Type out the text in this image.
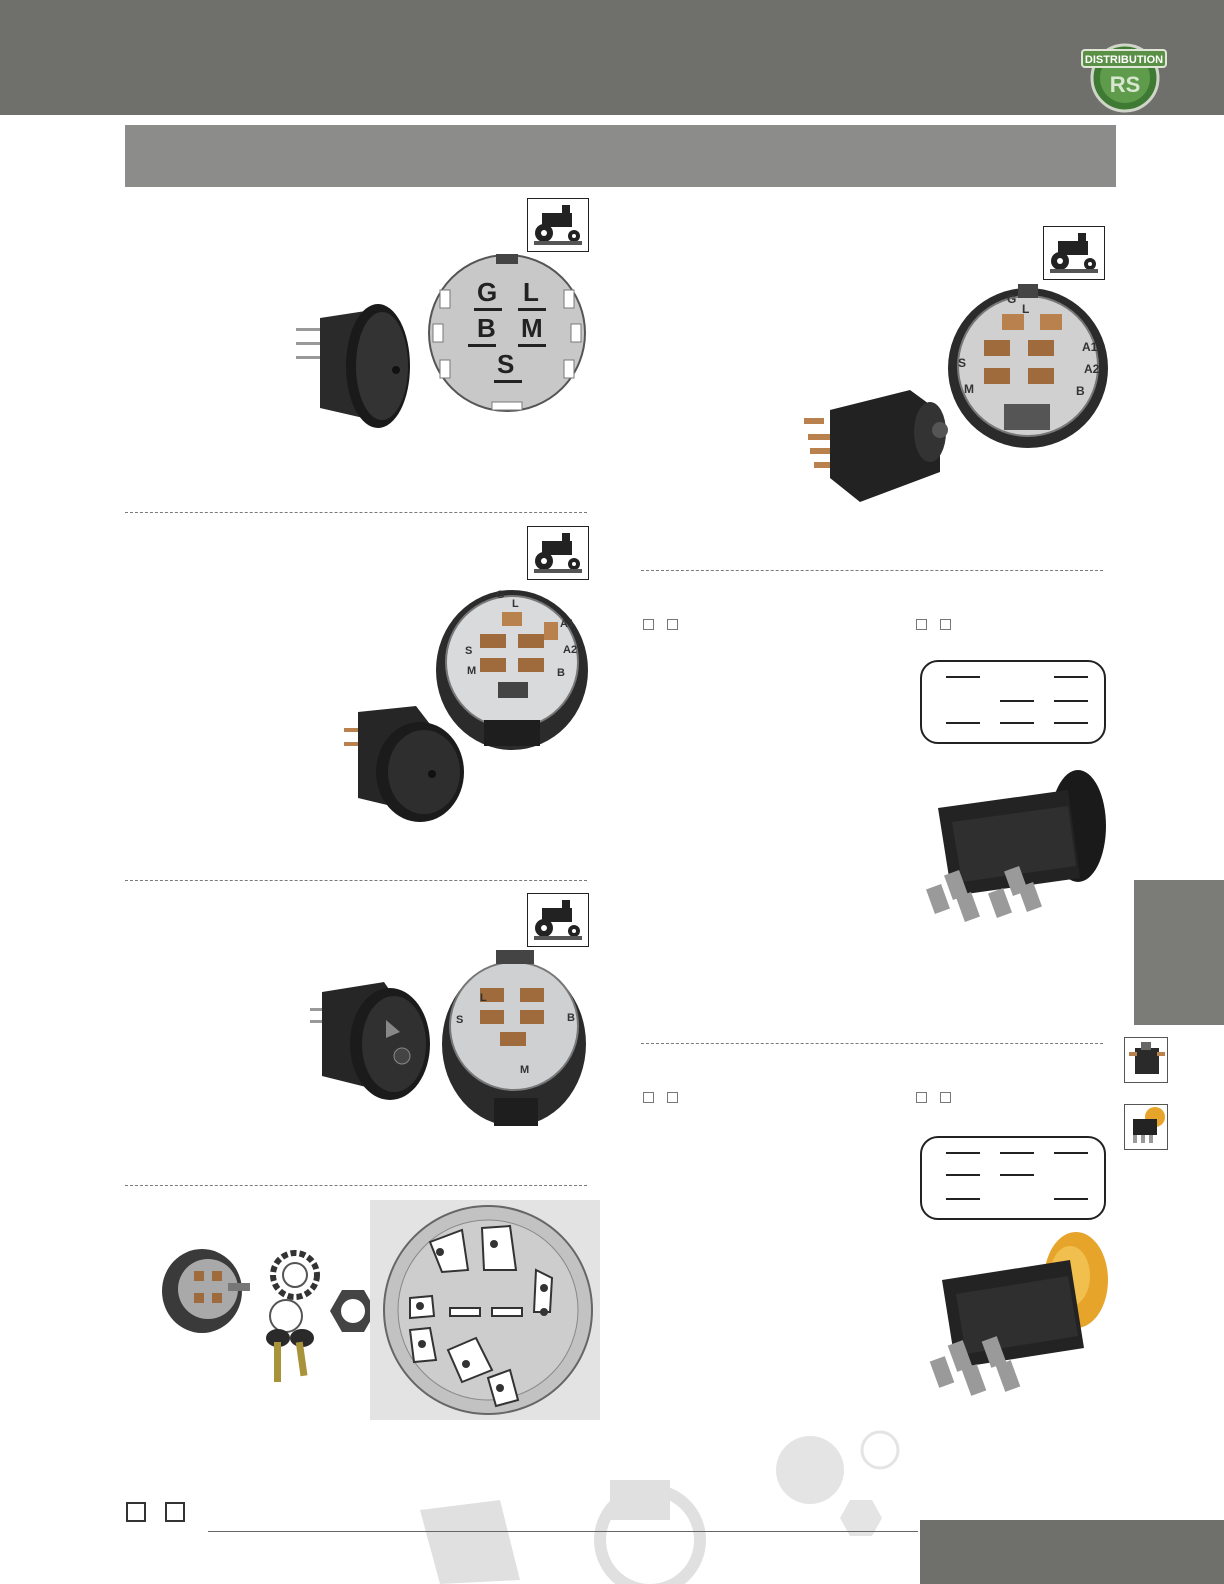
DISTRIBUTION
RS
G L
B M
S
G
L
A1
A2
S
M	B
L
S	B
M
G
L
A1
A2
S
M	B
